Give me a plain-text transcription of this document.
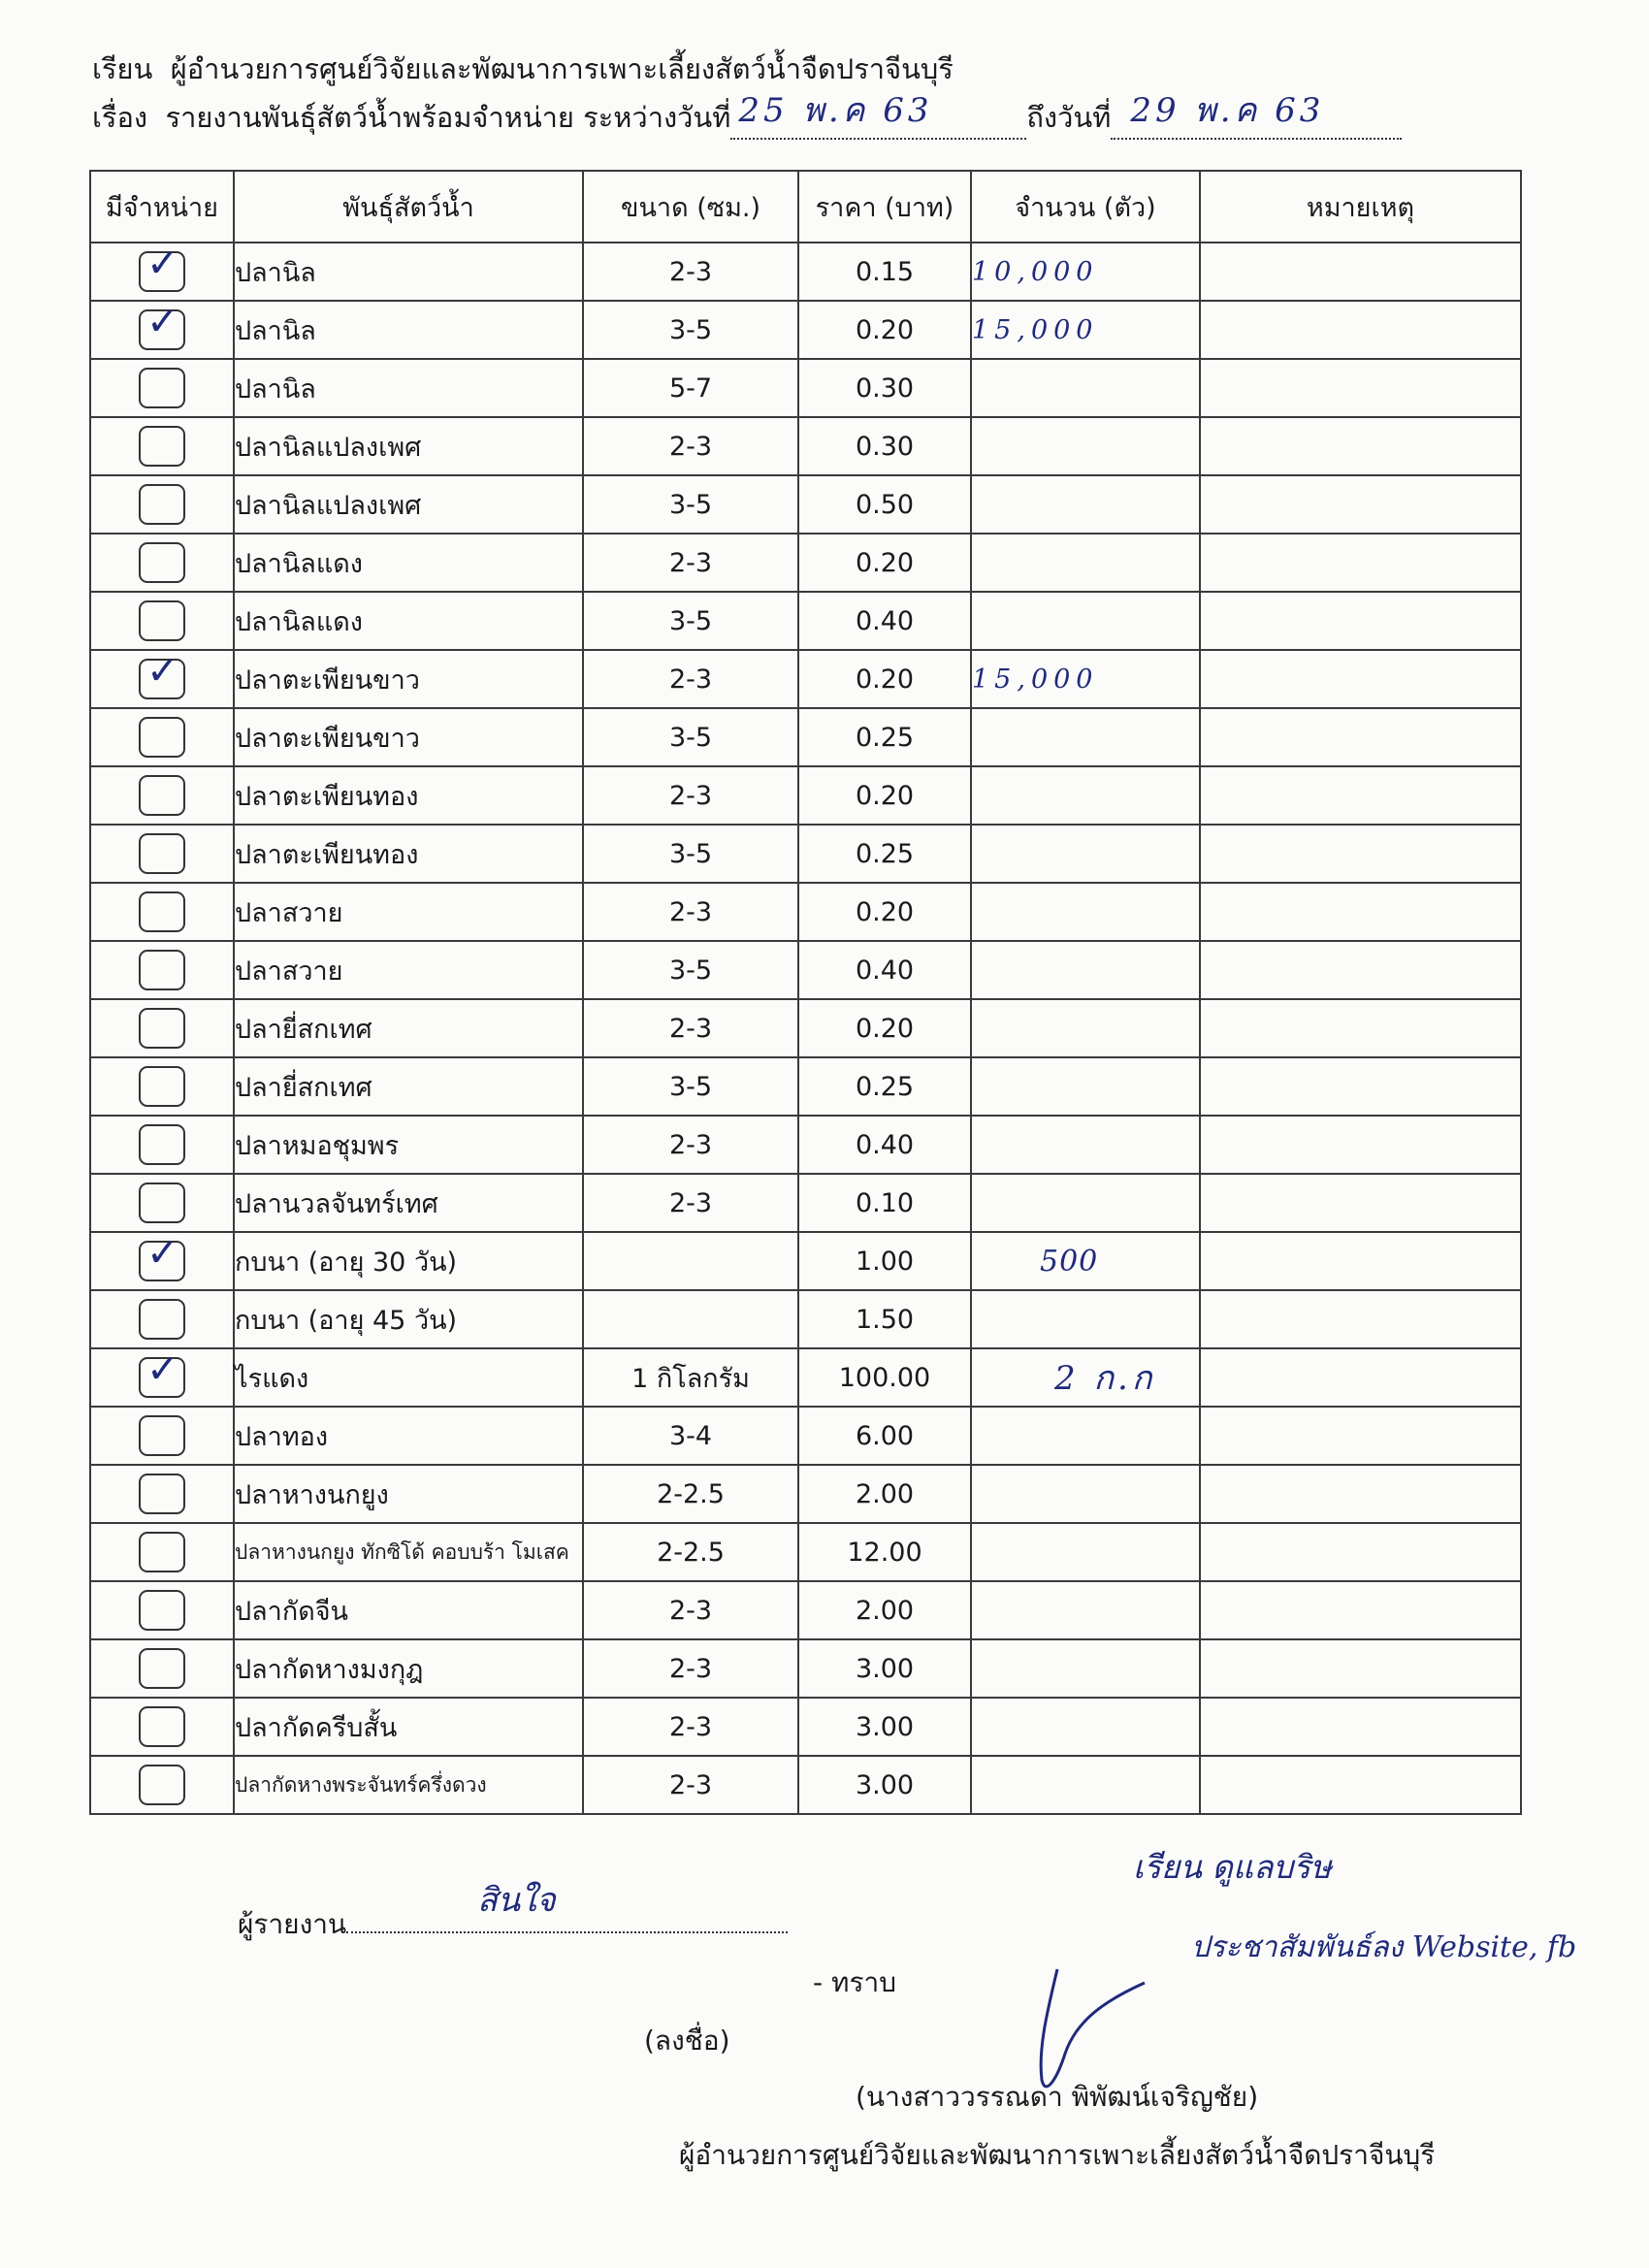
เรียน ผู้อำนวยการศูนย์วิจัยและพัฒนาการเพาะเลี้ยงสัตว์น้ำจืดปราจีนบุรี
เรื่อง รายงานพันธุ์สัตว์น้ำพร้อมจำหน่าย ระหว่างวันที่ 25 พ.ค 63	ถึงวันที่ 29 พ.ค 63
มีจำหน่าย	พันธุ์สัตว์น้ำ	ขนาด (ซม.)	ราคา (บาท)	จำนวน (ตัว)	หมายเหตุ

✓	ปลานิล	2-3	0.15	10,000	

✓	ปลานิล	3-5	0.20	15,000	

	ปลานิล	5-7	0.30		

	ปลานิลแปลงเพศ	2-3	0.30		

	ปลานิลแปลงเพศ	3-5	0.50		

	ปลานิลแดง	2-3	0.20		

	ปลานิลแดง	3-5	0.40		

✓	ปลาตะเพียนขาว	2-3	0.20	15,000	

	ปลาตะเพียนขาว	3-5	0.25		

	ปลาตะเพียนทอง	2-3	0.20		

	ปลาตะเพียนทอง	3-5	0.25		

	ปลาสวาย	2-3	0.20		

	ปลาสวาย	3-5	0.40		

	ปลายี่สกเทศ	2-3	0.20		

	ปลายี่สกเทศ	3-5	0.25		

	ปลาหมอชุมพร	2-3	0.40		

	ปลานวลจันทร์เทศ	2-3	0.10		

✓	กบนา (อายุ 30 วัน)		1.00	500	

	กบนา (อายุ 45 วัน)		1.50		

✓	ไรแดง	1 กิโลกรัม	100.00	2 ก.ก	

	ปลาทอง	3-4	6.00		

	ปลาหางนกยูง	2-2.5	2.00		

	ปลาหางนกยูง ทักซิโด้ คอบบร้า โมเสค	2-2.5	12.00		

	ปลากัดจีน	2-3	2.00		

	ปลากัดหางมงกุฎ	2-3	3.00		

	ปลากัดครีบสั้น	2-3	3.00		

	ปลากัดหางพระจันทร์ครึ่งดวง	2-3	3.00		
ผู้รายงาน
สินใจ
เรียน ดูแลบริษ
ประชาสัมพันธ์ลง Website, fb
- ทราบ
(ลงชื่อ)
(นางสาววรรณดา พิพัฒน์เจริญชัย)
ผู้อำนวยการศูนย์วิจัยและพัฒนาการเพาะเลี้ยงสัตว์น้ำจืดปราจีนบุรี
